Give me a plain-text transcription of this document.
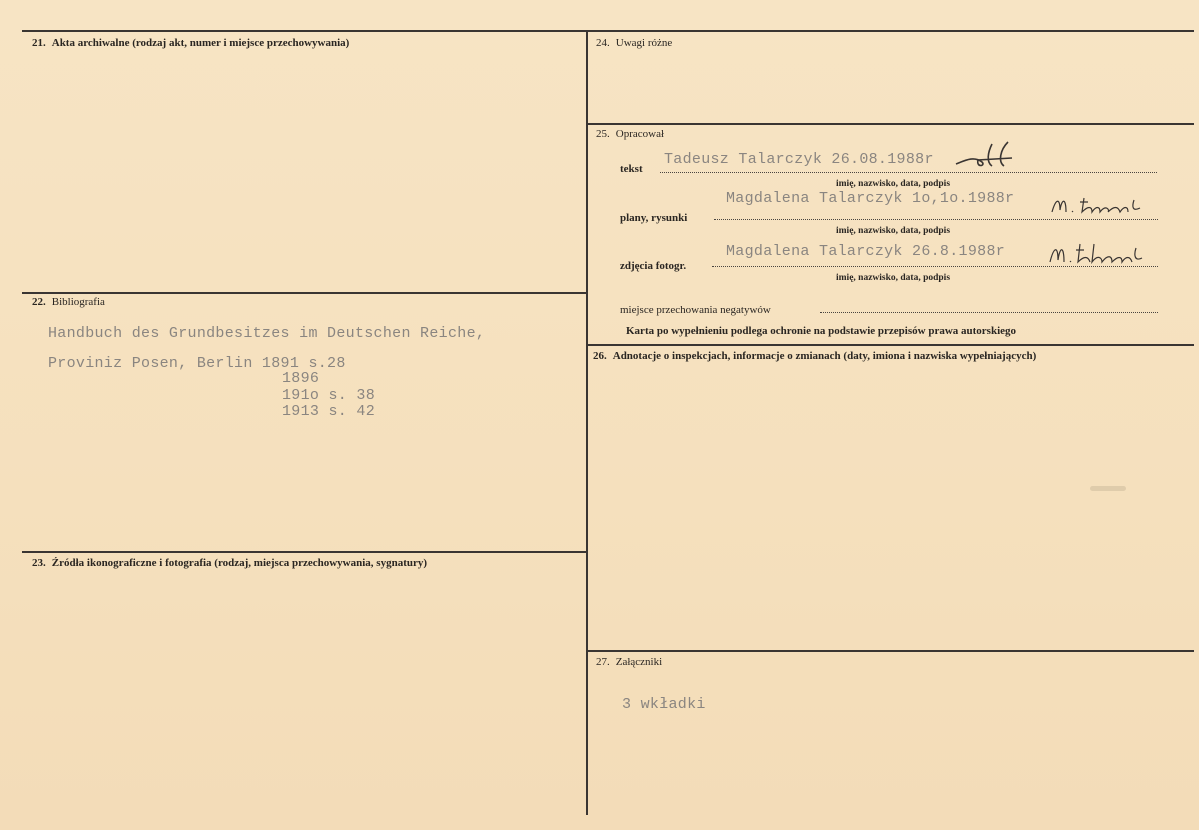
21. Akta archiwalne (rodzaj akt, numer i miejsce przechowywania)
22. Bibliografia
Handbuch des Grundbesitzes im Deutschen Reiche,
Proviniz Posen, Berlin 1891 s.28
1896
191o s. 38
1913 s. 42
23. Źródła ikonograficzne i fotografia (rodzaj, miejsca przechowywania, sygnatury)
24. Uwagi różne
25. Opracował
tekst
Tadeusz Talarczyk 26.08.1988r
imię, nazwisko, data, podpis
plany, rysunki
Magdalena Talarczyk 1o,1o.1988r
imię, nazwisko, data, podpis
zdjęcia fotogr.
Magdalena Talarczyk 26.8.1988r
imię, nazwisko, data, podpis
miejsce przechowania negatywów
Karta po wypełnieniu podlega ochronie na podstawie przepisów prawa autorskiego
26. Adnotacje o inspekcjach, informacje o zmianach (daty, imiona i nazwiska wypełniających)
27. Załączniki
3 wkładki
